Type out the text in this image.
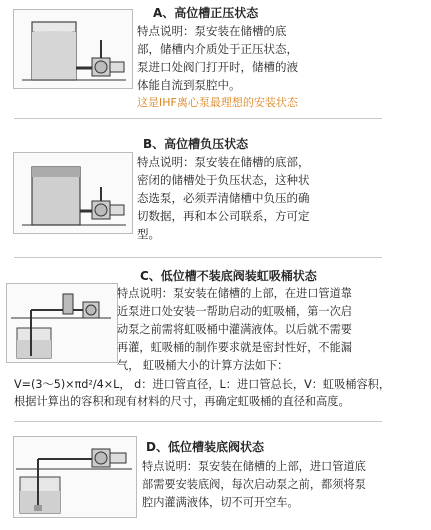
A、高位槽正压状态
特点说明：泵安装在储槽的底
部，储槽内介质处于正压状态，
泵进口处阀门打开时，储槽的液
体能自流到泵腔中。
这是IHF离心泵最理想的安装状态
B、高位槽负压状态
特点说明：泵安装在储槽的底部，
密闭的储槽处于负压状态，这种状
态选泵，必须弄清储槽中负压的确
切数据，再和本公司联系，方可定
型。
C、低位槽不装底阀装虹吸桶状态
特点说明：泵安装在储槽的上部，在进口管道靠
近泵进口处安装一帮助启动的虹吸桶，第一次启
动泵之前需将虹吸桶中灌满液体。以后就不需要
再灌，虹吸桶的制作要求就是密封性好，不能漏
气， 虹吸桶大小的计算方法如下：
V=(3～5)×πd²/4×L， d：进口管直径，L：进口管总长，V：虹吸桶容积，
根据计算出的容积和现有材料的尺寸，再确定虹吸桶的直径和高度。
D、低位槽装底阀状态
特点说明：泵安装在储槽的上部，进口管道底
部需要安装底阀，每次启动泵之前，都须将泵
腔内灌满液体，切不可开空车。
